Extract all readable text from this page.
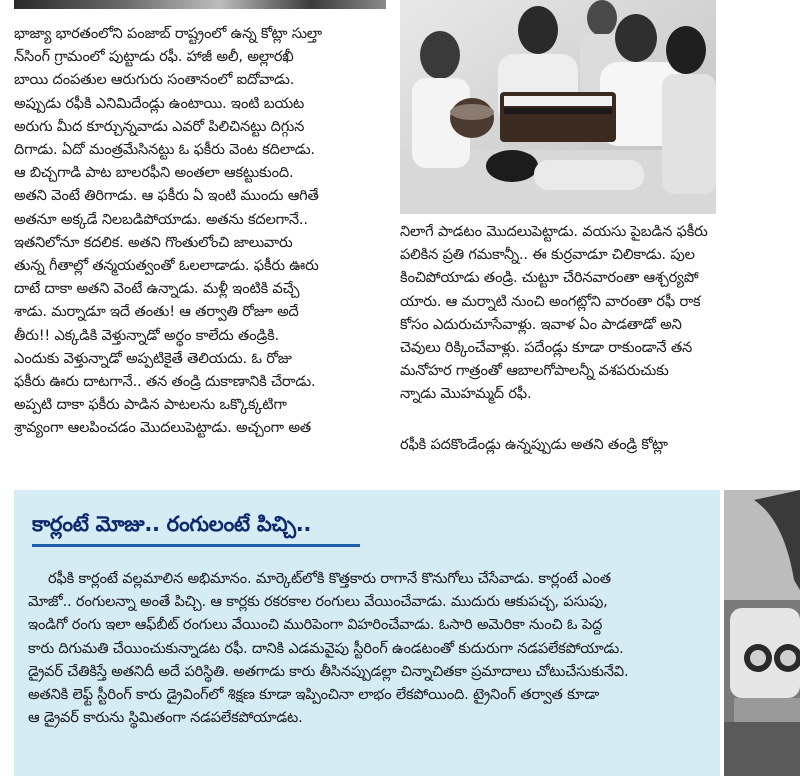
భాజ్యా భారతంలోని పంజాబ్ రాష్ట్రంలో ఉన్న కోట్లా సుల్తా
న్‌సింగ్ గ్రామంలో పుట్టాడు రఫీ. హాజీ అలీ, అల్లారఖీ
బాయి దంపతుల ఆరుగురు సంతానంలో ఐదోవాడు.
అప్పుడు రఫీకి ఎనిమిదేండ్లు ఉంటాయి. ఇంటి బయట
అరుగు మీద కూర్చున్నవాడు ఎవరో పిలిచినట్టు దిగ్గున
దిగాడు. ఏదో మంత్రమేసినట్టు ఓ ఫకీరు వెంట కదిలాడు.
ఆ బిచ్చగాడి పాట బాలరఫీని అంతలా ఆకట్టుకుంది.
అతని వెంటే తిరిగాడు. ఆ ఫకీరు ఏ ఇంటి ముందు ఆగితే
అతనూ అక్కడే నిలబడిపోయాడు. అతను కదలగానే..
ఇతనిలోనూ కదలిక. అతని గొంతులోంచి జాలువారు
తున్న గీతాల్లో తన్మయత్వంతో ఓలలాడాడు. ఫకీరు ఊరు
దాటే దాకా అతని వెంటే ఉన్నాడు. మళ్లీ ఇంటికి వచ్చే
శాడు. మర్నాడూ ఇదే తంతు! ఆ తర్వాతి రోజూ అదే
తీరు!! ఎక్కడికి వెళ్తున్నాడో అర్థం కాలేదు తండ్రికి.
ఎందుకు వెళ్తున్నాడో అప్పటికైతే తెలియదు. ఓ రోజు
ఫకీరు ఊరు దాటగానే.. తన తండ్రి దుకాణానికి చేరాడు.
అప్పటి దాకా ఫకీరు పాడిన పాటలను ఒక్కొక్కటిగా
శ్రావ్యంగా ఆలపించడం మొదలుపెట్టాడు. అచ్చంగా అత
నిలాగే పాడటం మొదలుపెట్టాడు. వయసు పైబడిన ఫకీరు
పలికిన ప్రతి గమకాన్నీ.. ఈ కుర్రవాడూ చిలికాడు. పుల
కించిపోయాడు తండ్రి. చుట్టూ చేరినవారంతా ఆశ్చర్యపో
యారు. ఆ మర్నాటి నుంచి అంగట్లోని వారంతా రఫీ రాక
కోసం ఎదురుచూసేవాళ్లు. ఇవాళ ఏం పాడతాడో అని
చెవులు రిక్కించేవాళ్లు. పదేండ్లు కూడా రాకుండానే తన
మనోహర గాత్రంతో ఆబాలగోపాలన్నీ వశపరుచుకు
న్నాడు మొహమ్మద్ రఫీ.
రఫీకి పదకొండేండ్లు ఉన్నప్పుడు అతని తండ్రి కోట్లా
కార్లంటే మోజు.. రంగులంటే పిచ్చి..
రఫీకి కార్లంటే వల్లమాలిన అభిమానం. మార్కెట్‌లోకి కొత్తకారు రాగానే కొనుగోలు చేసేవాడు. కార్లంటే ఎంత
మోజో.. రంగులన్నా అంతే పిచ్చి. ఆ కార్లకు రకరకాల రంగులు వేయించేవాడు. ముదురు ఆకుపచ్చ, పసుపు,
ఇండిగో రంగు ఇలా ఆఫ్‌బీట్ రంగులు వేయించి మురిపెంగా విహరించేవాడు. ఓసారి అమెరికా నుంచి ఓ పెద్ద
కారు దిగుమతి చేయించుకున్నాడట రఫీ. దానికి ఎడమవైపు స్టీరింగ్ ఉండటంతో కుదురుగా నడపలేకపోయాడు.
డ్రైవర్ చేతికిస్తే అతనిదీ అదే పరిస్థితి. అతగాడు కారు తీసినప్పుడల్లా చిన్నాచితకా ప్రమాదాలు చోటుచేసుకునేవి.
అతనికి లెఫ్ట్ స్టీరింగ్ కారు డ్రైవింగ్‌లో శిక్షణ కూడా ఇప్పించినా లాభం లేకపోయింది. ట్రైనింగ్ తర్వాత కూడా
ఆ డ్రైవర్ కారును స్థిమితంగా నడపలేకపోయాడట.
